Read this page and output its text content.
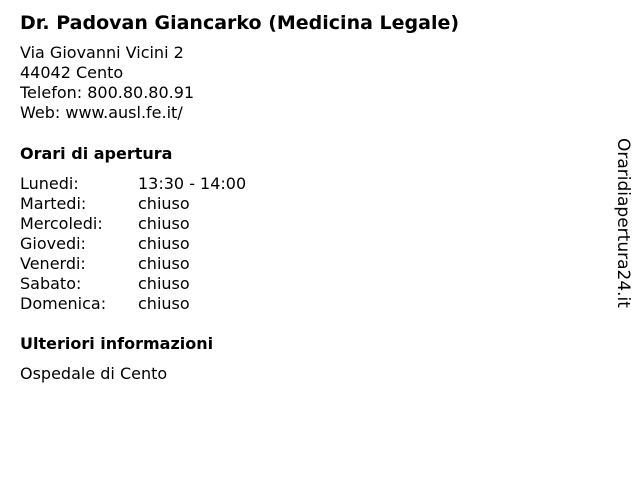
Dr. Padovan Giancarko (Medicina Legale)
Via Giovanni Vicini 2
44042 Cento
Telefon: 800.80.80.91
Web: www.ausl.fe.it/
Orari di apertura
Lunedi:	13:30 - 14:00
Martedi:	chiuso
Mercoledi:	chiuso
Giovedi:	chiuso
Venerdi:	chiuso
Sabato:	chiuso
Domenica:	chiuso
Ulteriori informazioni
Ospedale di Cento
Oraridiapertura24.it
